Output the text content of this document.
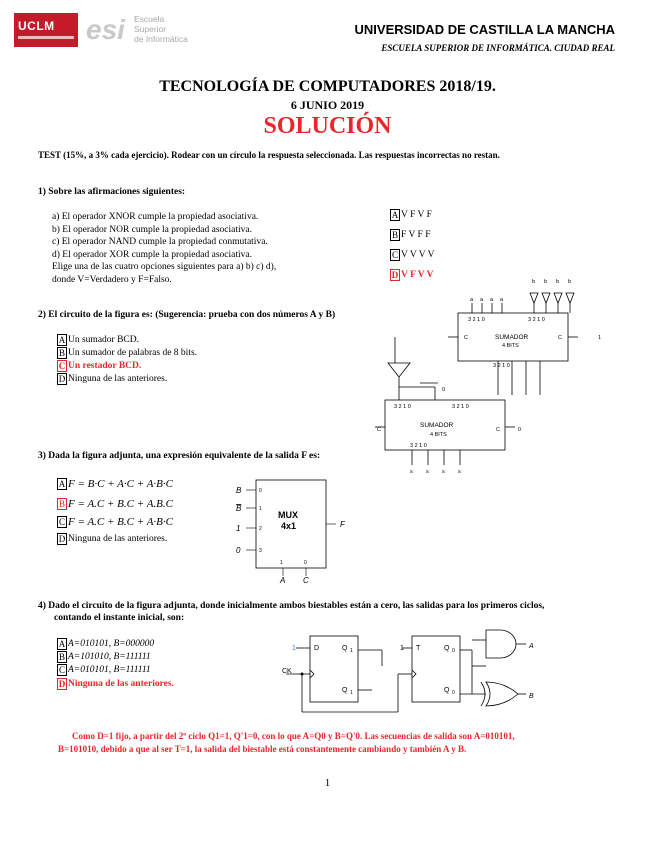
UCLM esi Escuela
Superior
de Informática
UNIVERSIDAD DE CASTILLA LA MANCHA
ESCUELA SUPERIOR DE INFORMÁTICA. CIUDAD REAL
TECNOLOGÍA DE COMPUTADORES 2018/19.
6 JUNIO 2019
SOLUCIÓN
TEST (15%, a 3% cada ejercicio). Rodear con un círculo la respuesta seleccionada. Las respuestas incorrectas no restan.
1) Sobre las afirmaciones siguientes:
a) El operador XNOR cumple la propiedad asociativa.
b) El operador NOR cumple la propiedad asociativa.
c) El operador NAND cumple la propiedad conmutativa.
d) El operador XOR cumple la propiedad asociativa.
Elige una de las cuatro opciones siguientes para a) b) c) d),
donde V=Verdadero y F=Falso.
A V F V F
B F V F F
C V V V V
D V F V V
2) El circuito de la figura es: (Sugerencia: prueba con dos números A y B)
A Un sumador BCD.
B Un sumador de palabras de 8 bits.
C Un restador BCD.
D Ninguna de las anteriores.
a a a a
b b b b
3 2 1 0	3 2 1 0
SUMADOR
4 BITS
C	C	1
3 2 1 0
0
3 2 1 0	3 2 1 0
SUMADOR
4 BITS
C	C	0
3 2 1 0
s s s s
3) Dada la figura adjunta, una expresión equivalente de la salida F es:
A F = B·C + A·C + A·B·C
B F = A.C + B.C + A.B.C
C F = A.C + B.C + A·B·C
D Ninguna de las anteriores.
B
B
1
0
F
A C
0
1
2
3
1	0
MUX
4x1
4) Dado el circuito de la figura adjunta, donde inicialmente ambos biestables están a cero, las salidas para los primeros ciclos,
contando el instante inicial, son:
A A=010101, B=000000
B A=101010, B=111111
C A=010101, B=111111
D Ninguna de las anteriores.
1	1
CK
D	Q
Q
T	Q
Q
A
B
1
1
0
0
Como D=1 fijo, a partir del 2º ciclo Q1=1, Q'1=0, con lo que A=Q0 y B=Q'0. Las secuencias de salida son A=010101,
B=101010, debido a que al ser T=1, la salida del biestable está constantemente cambiando y también A y B.
1
